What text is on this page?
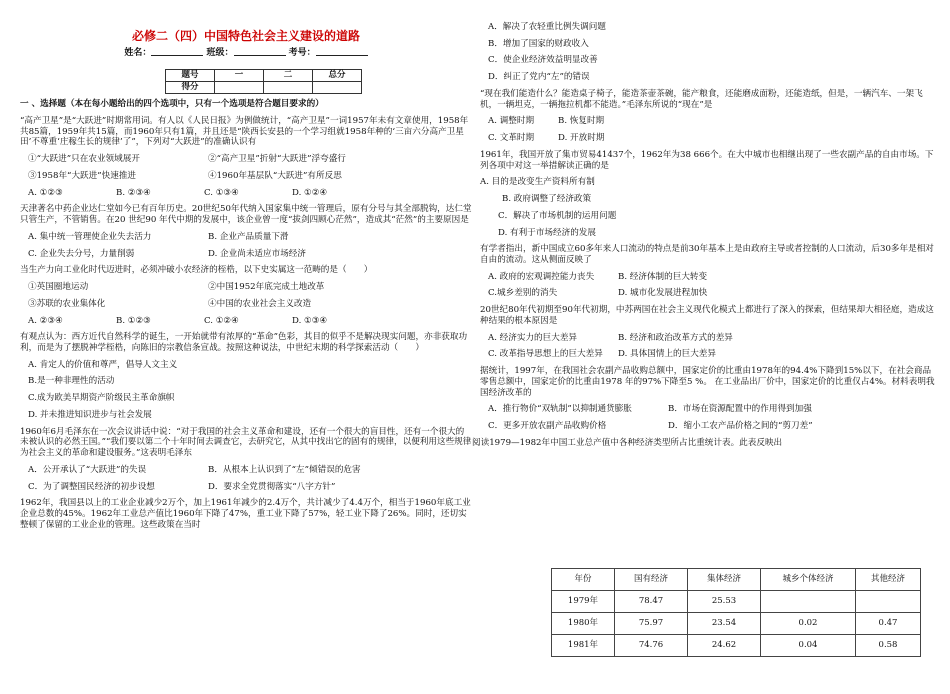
必修二（四）中国特色社会主义建设的道路
姓名：	班级：	考号：
题号	一	二	总分
得分			
一 、选择题（本在每小题给出的四个选项中，只有一个选项是符合题目要求的）

“高产卫星”是“大跃进”时期常用词。有人以《人民日报》为例做统计，“高产卫星”一词1957年未有文章使用，1958年共85篇，1959年共15篇，而1960年只有1篇，并且还是“陕西长安县的一个学习组就1958年种的‘三亩六分高产卫星田’不尊重‘庄稼生长的规律’了”，下列对“大跃进”的准确认识有

①“大跃进”只在农业领域展开	②“高产卫星”折射“大跃进”浮夸盛行
③1958年“大跃进”快速推进	④1960年基层队“大跃进”有所反思
A. ①②③	B. ②③④	C. ①③④	D. ①②④

天津著名中药企业达仁堂如今已有百年历史。20世纪50年代纳入国家集中统一管理后，原有分号与其全部脱钩，达仁堂只管生产，不管销售。在20 世纪90 年代中期的发展中，该企业曾一度“拔剑四顾心茫然”，造成其“茫然”的主要原因是

A. 集中统一管理使企业失去活力	B. 企业产品质量下滑
C. 企业失去分号，力量削弱	D. 企业尚未适应市场经济

当生产力向工业化时代迈进时，必须冲破小农经济的桎梏，以下史实属这一范畴的是（　　）

①英国圈地运动	②中国1952年底完成土地改革
③苏联的农业集体化	④中国的农业社会主义改造
A. ②③④	B. ①②③	C. ①②④	D. ①③④

有观点认为：西方近代自然科学的诞生，一开始就带有浓厚的“革命”色彩，其目的似乎不是解决现实问题，亦非获取功利，而是为了摆脱神学桎梏，向陈旧的宗教信条宣战。按照这种说法，中世纪末期的科学探索活动（　　）

A. 肯定人的价值和尊严，倡导人文主义

B.是一种非理性的活动

C.成为欧美早期资产阶级民主革命旗帜

D. 并未推进知识进步与社会发展

1960年6月毛泽东在一次会议讲话中说：“对于我国的社会主义革命和建设，还有一个很大的盲目性，还有一个很大的未被认识的必然王国。”“我们要以第二个十年时间去调查它，去研究它，从其中找出它的固有的规律，以便利用这些规律为社会主义的革命和建设服务。”这表明毛泽东

A．公开承认了“大跃进”的失误	B．从根本上认识到了“左”倾错误的危害
C．为了调整国民经济的初步设想	D．要求全党贯彻落实“八字方针”

1962年，我国县以上的工业企业减少2万个，加上1961年减少的2.4万个，共计减少了4.4万个，相当于1960年底工业企业总数的45%。1962年工业总产值比1960年下降了47%，重工业下降了57%，轻工业下降了26%。同时，还切实整顿了保留的工业企业的管理。这些政策在当时

A．解决了农轻重比例失调问题

B．增加了国家的财政收入

C．使企业经济效益明显改善

D．纠正了党内“左”的错误

“现在我们能造什么？能造桌子椅子，能造茶壶茶碗，能产粮食，还能磨成面粉，还能造纸，但是，一辆汽车、一架飞机，一辆坦克，一辆拖拉机都不能造。”毛泽东所说的“现在”是

A. 调整时期	B. 恢复时期
C. 文革时期	D. 开放时期

1961年，我国开放了集市贸易41437个，1962年为38 666个。在大中城市也相继出现了一些农副产品的自由市场。下列各项中对这一举措解读正确的是

A. 目的是改变生产资料所有制

B. 政府调整了经济政策

C．解决了市场机制的运用问题

D. 有利于市场经济的发展

有学者指出，新中国成立60多年来人口流动的特点是前30年基本上是由政府主导或者控制的人口流动，后30多年是相对自由的流动。这从侧面反映了

A. 政府的宏观调控能力丧失	B. 经济体制的巨大转变
C.城乡差别的消失	D. 城市化发展进程加快

20世纪80年代初期至90年代初期，中苏两国在社会主义现代化模式上都进行了深入的探索，但结果却大相径庭，造成这种结果的根本原因是

A. 经济实力的巨大差异	B. 经济和政治改革方式的差异
C. 改革指导思想上的巨大差异	D. 具体国情上的巨大差异

据统计，1997年，在我国社会农副产品收购总额中，国家定价的比重由1978年的94.4%下降到15%以下，在社会商品零售总额中，国家定价的比重由1978 年的97%下降至5 %。 在工业品出厂价中，国家定价的比重仅占4%。材料表明我国经济改革的

A．推行物价“双轨制”以抑制通货膨胀	B．市场在资源配置中的作用得到加强
C．更多开放农副产品收购价格	D．缩小工农产品价格之间的“剪刀差”

阅读1979—1982年中国工业总产值中各种经济类型所占比重统计表。此表反映出

年份	国有经济	集体经济	城乡个体经济	其他经济
1979年	78.47	25.53		
1980年	75.97	23.54	0.02	0.47
1981年	74.76	24.62	0.04	0.58
